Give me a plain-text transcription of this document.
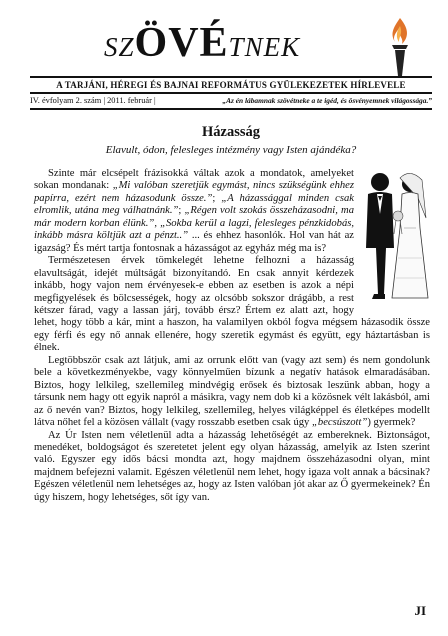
SZÖVÉTNEK
A TARJÁNI, HÉREGI ÉS BAJNAI REFORMÁTUS GYÜLEKEZETEK HÍRLEVELE
IV. évfolyam 2. szám | 2011. február |	„Az én lábamnak szövétneke a te igéd, és ösvényemnek világossága.”
Házasság
Elavult, ódon, felesleges intézmény vagy Isten ajándéka?

Szinte már elcsépelt frázisokká váltak azok a mondatok, amelyeket sokan mondanak: „Mi valóban szeretjük egymást, nincs szükségünk ehhez papírra, ezért nem házasodunk össze.”; „A házassággal minden csak elromlik, utána meg válhatnánk.”; „Régen volt szokás összeházasodni, ma már modern korban élünk.”, „Sokba kerül a lagzi, felesleges pénzkidobás, inkább másra költjük azt a pénzt..” ... és ehhez hasonlók. Hol van hát az igazság? És mért tartja fontosnak a házasságot az egyház még ma is?

Természetesen érvek tömkelegét lehetne felhozni a házasság elavultságát, idejét múltságát bizonyítandó. En csak annyit kérdezek inkább, hogy vajon nem érvényesek-e ebben az esetben is azok a népi megfigyelések és bölcsességek, hogy az olcsóbb sokszor drágább, a rest kétszer fárad, vagy a lassan járj, tovább érsz? Értem ez alatt azt, hogy lehet, hogy több a kár, mint a haszon, ha valamilyen okból fogva mégsem házasodik össze egy férfi és egy nő annak ellenére, hogy szeretik egymást és együtt, egy háztartásban is élnek.

Legtöbbször csak azt látjuk, ami az orrunk előtt van (vagy azt sem) és nem gondolunk bele a következményekbe, vagy könnyelműen bízunk a negatív hatások elmaradásában. Biztos, hogy lelkileg, szellemileg mindvégig erősek és biztosak leszünk abban, hogy a társunk nem hagy ott egyik napról a másikra, vagy nem dob ki a közösnek vélt lakásból, ami az ő nevén van? Biztos, hogy lelkileg, szellemileg, helyes világképpel és életképes modellt látva nőhet fel a közösen vállalt (vagy rosszabb esetben csak úgy „becsúszott”) gyermek?

Az Úr Isten nem véletlenül adta a házasság lehetőségét az embereknek. Biztonságot, menedéket, boldogságot és szeretetet jelent egy olyan házasság, amelyik az Isten szerint való. Egyszer egy idős bácsi mondta azt, hogy majdnem összeházasodni olyan, mint majdnem befejezni valamit. Egészen véletlenül nem lehet, hogy igaza volt annak a bácsinak? Egészen véletlenül nem lehetséges az, hogy az Isten valóban jót akar az Ő gyermekeinek? Én úgy hiszem, hogy lehetséges, sőt így van.

JI
